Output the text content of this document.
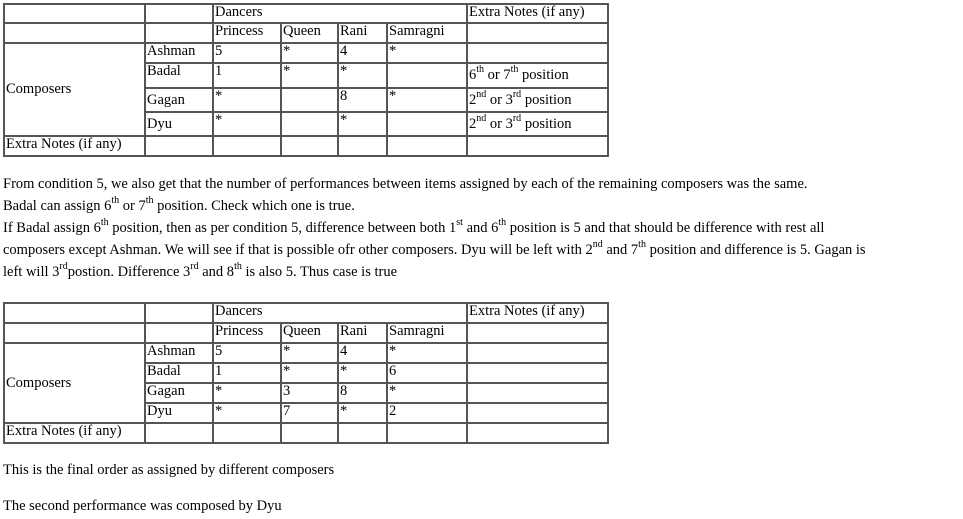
		Dancers				Extra Notes (if any)
		Princess	Queen	Rani	Samragni	
Composers	Ashman	5	*	4	*	
	Badal	1	*	*		6th or 7th position
	Gagan	*		8	*	2nd or 3rd position
	Dyu	*		*		2nd or 3rd position
Extra Notes (if any)						

From condition 5, we also get that the number of performances between items assigned by each of the remaining composers was the same.

Badal can assign 6th or 7th position. Check which one is true.

If Badal assign 6th position, then as per condition 5, difference between both 1st and 6th position is 5 and that should be difference with rest all

composers except Ashman. We will see if that is possible ofr other composers. Dyu will be left with 2nd and 7th position and difference is 5. Gagan is

left will 3rdpostion. Difference 3rd and 8th is also 5. Thus case is true

		Dancers				Extra Notes (if any)
		Princess	Queen	Rani	Samragni	
Composers	Ashman	5	*	4	*	
	Badal	1	*	*	6	
	Gagan	*	3	8	*	
	Dyu	*	7	*	2	
Extra Notes (if any)						

This is the final order as assigned by different composers

The second performance was composed by Dyu
